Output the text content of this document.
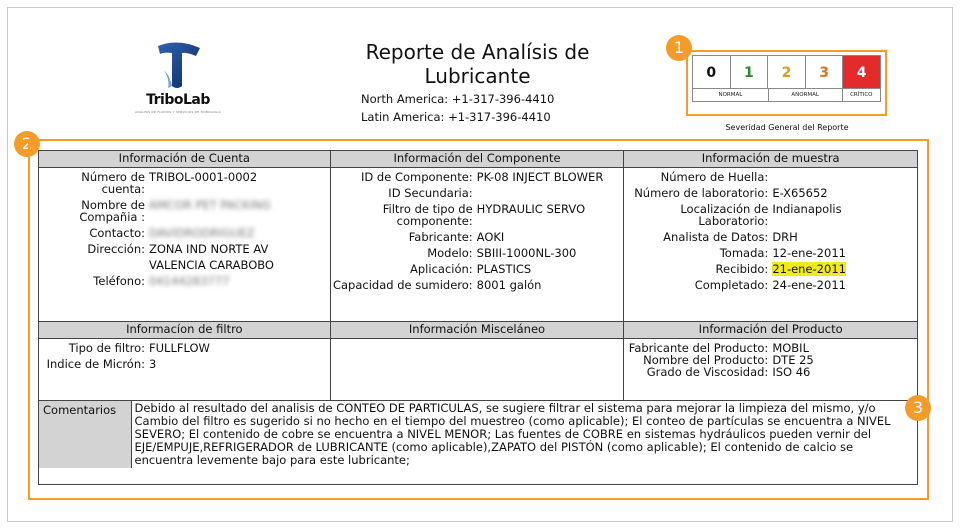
TriboLab
ANÁLISIS DE FLUIDOS Y SERVICIOS DE TRIBOLOGÍA
Reporte de Analísis de Lubricante
North America: +1-317-396-4410
Latin America: +1-317-396-4410
0	1	2	3	4
NORMAL	ANORMAL	CRÍTICO
Severidad General del Reporte
1
2
Información de Cuenta	Información del Componente	Información de muestra

Número de cuenta:
TRIBOL-0001-0002
Nombre de Compañia :
AMCOR PET PACKING
Contacto: DAVIDRODRIGUEZ
Dirección: ZONA IND NORTE AV
VALENCIA CARABOBO
Teléfono: 04144283777

ID de Componente: PK-08 INJECT BLOWER
ID Secundaria:
Filtro de tipo de componente:
HYDRAULIC SERVO
Fabricante: AOKI
Modelo: SBIII-1000NL-300
Aplicación: PLASTICS
Capacidad de sumidero: 8001 galón

Número de Huella:
Número de laboratorio: E-X65652
Localización de Laboratorio:
Indianapolis
Analista de Datos: DRH
Tomada: 12-ene-2011
Recibido: 21-ene-2011
Completado: 24-ene-2011

Informacíon de filtro	Información Misceláneo	Información del Producto

Tipo de filtro: FULLFLOW
Indice de Micrón: 3

Fabricante del Producto: MOBIL
Nombre del Producto: DTE 25
Grado de Viscosidad: ISO 46

Comentarios	Debido al resultado del analisis de CONTEO DE PARTICULAS, se sugiere filtrar el sistema para mejorar la limpieza del mismo, y/o Cambio del filtro es sugerido si no hecho en el tiempo del muestreo (como aplicable); El conteo de partículas se encuentra a NIVEL SEVERO; El contenido de cobre se encuentra a NIVEL MENOR; Las fuentes de COBRE en sistemas hydráulicos pueden vernir del EJE/EMPUJE,REFRIGERADOR de LUBRICANTE (como aplicable),ZAPATO del PISTÓN (como aplicable); El contenido de calcio se encuentra levemente bajo para este lubricante;
3
